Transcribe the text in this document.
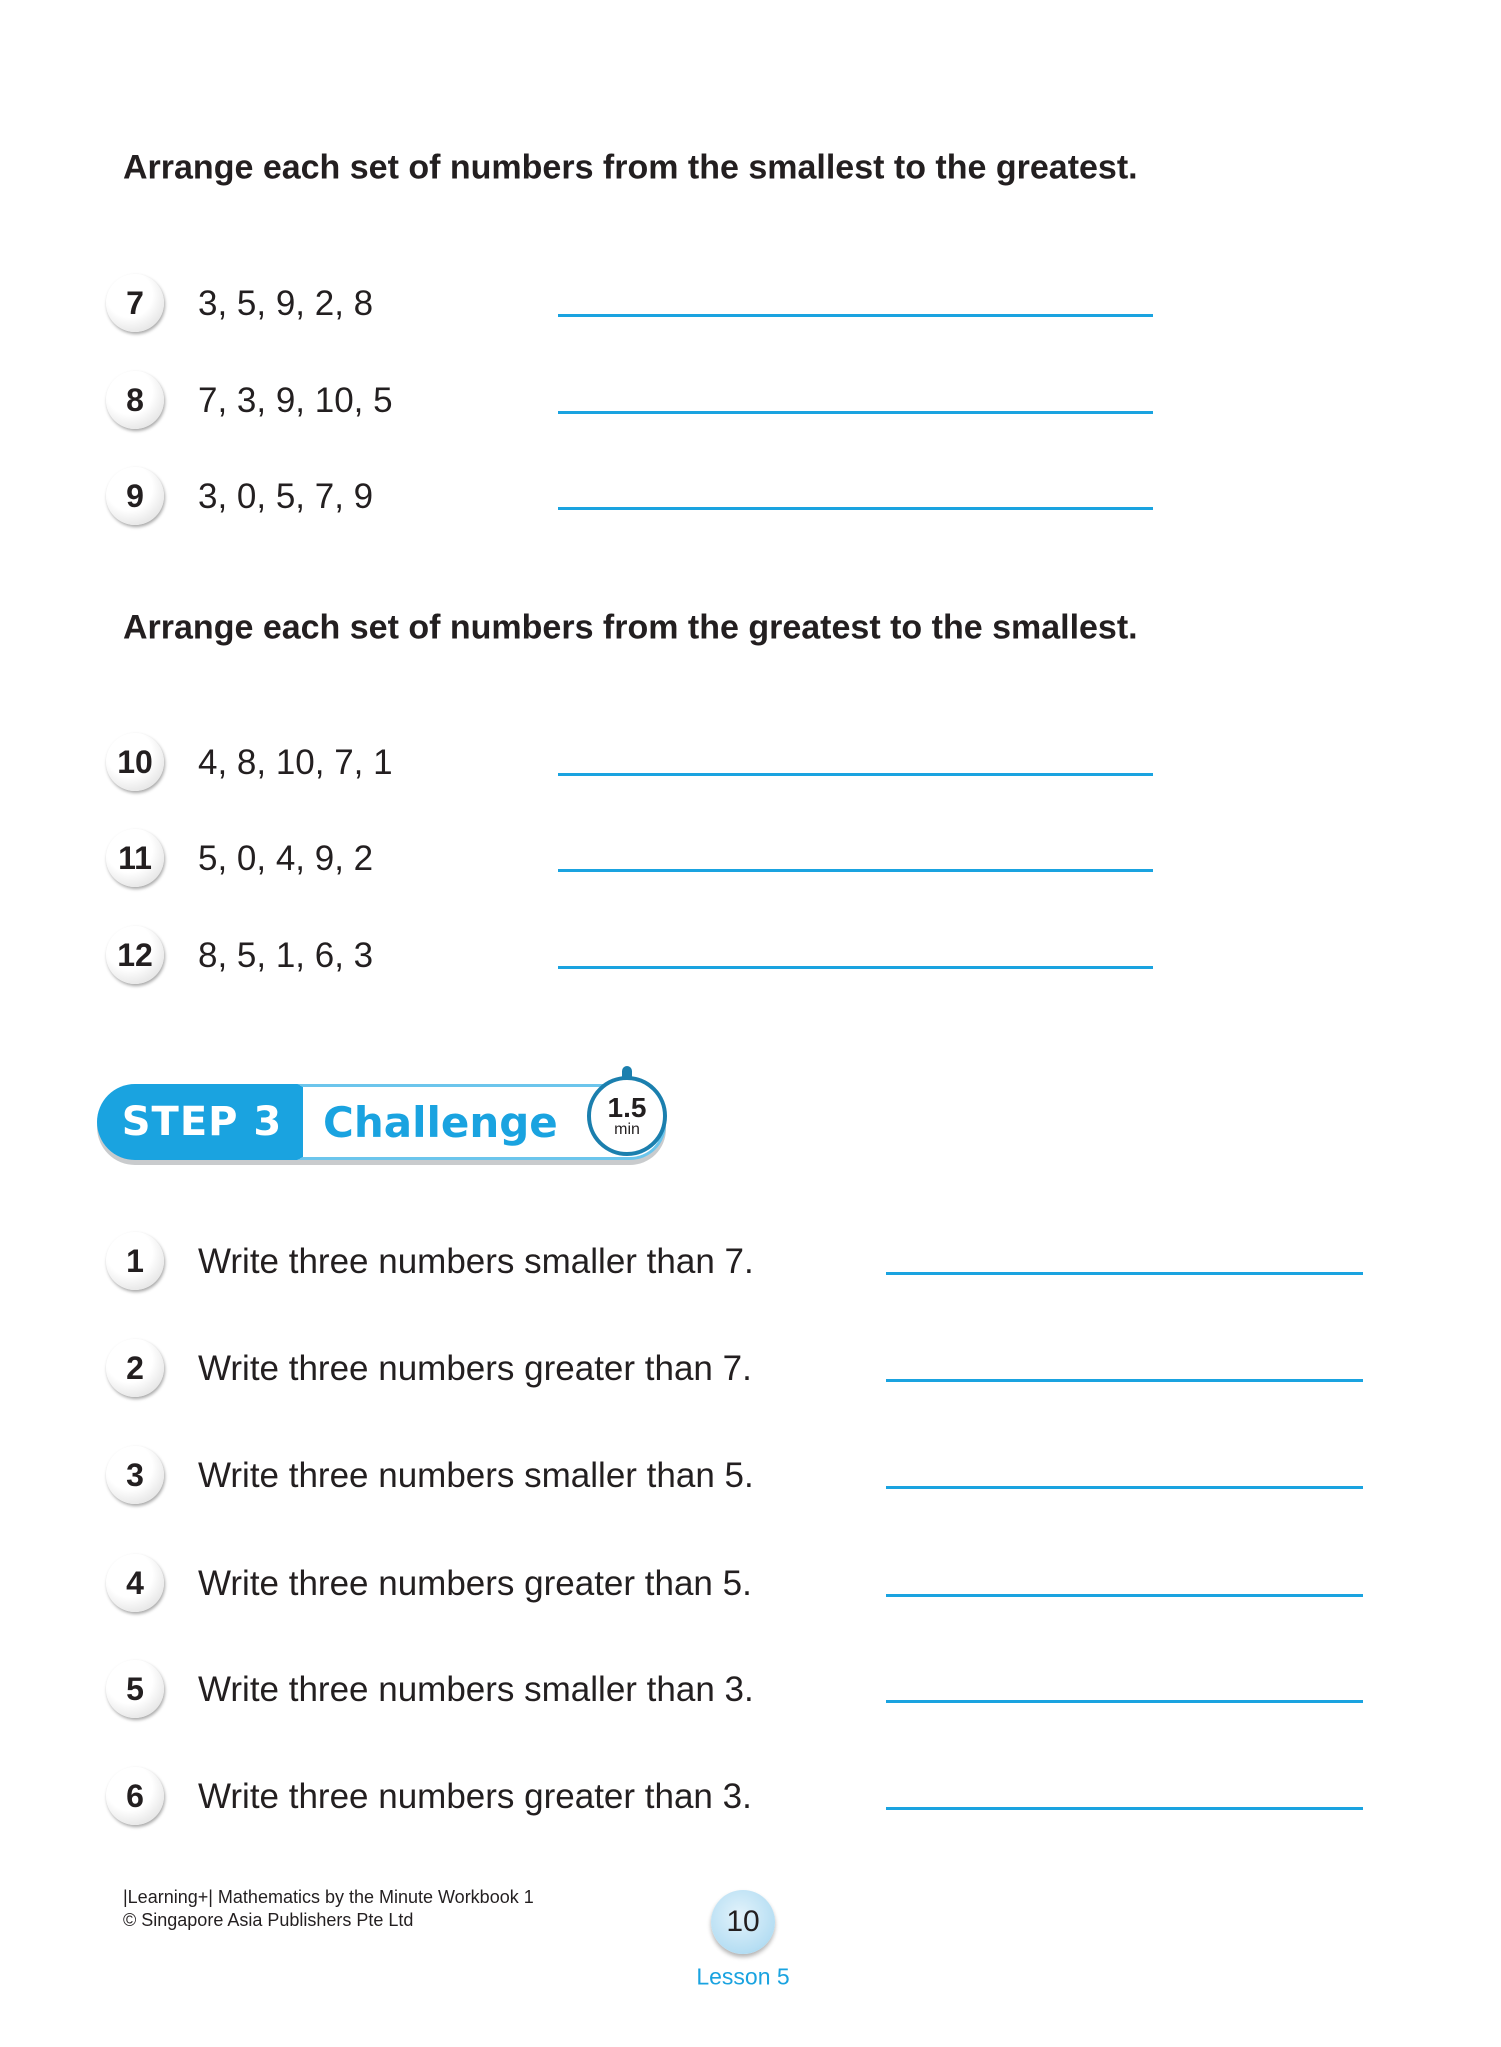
Arrange each set of numbers from the smallest to the greatest.
7	3, 5, 9, 2, 8
8	7, 3, 9, 10, 5
9	3, 0, 5, 7, 9
Arrange each set of numbers from the greatest to the smallest.
10	4, 8, 10, 7, 1
11	5, 0, 4, 9, 2
12	8, 5, 1, 6, 3
STEP 3 Challenge	1.5
min
1	Write three numbers smaller than 7.
2	Write three numbers greater than 7.
3	Write three numbers smaller than 5.
4	Write three numbers greater than 5.
5	Write three numbers smaller than 3.
6	Write three numbers greater than 3.
|Learning+| Mathematics by the Minute Workbook 1
© Singapore Asia Publishers Pte Ltd	10
Lesson 5
